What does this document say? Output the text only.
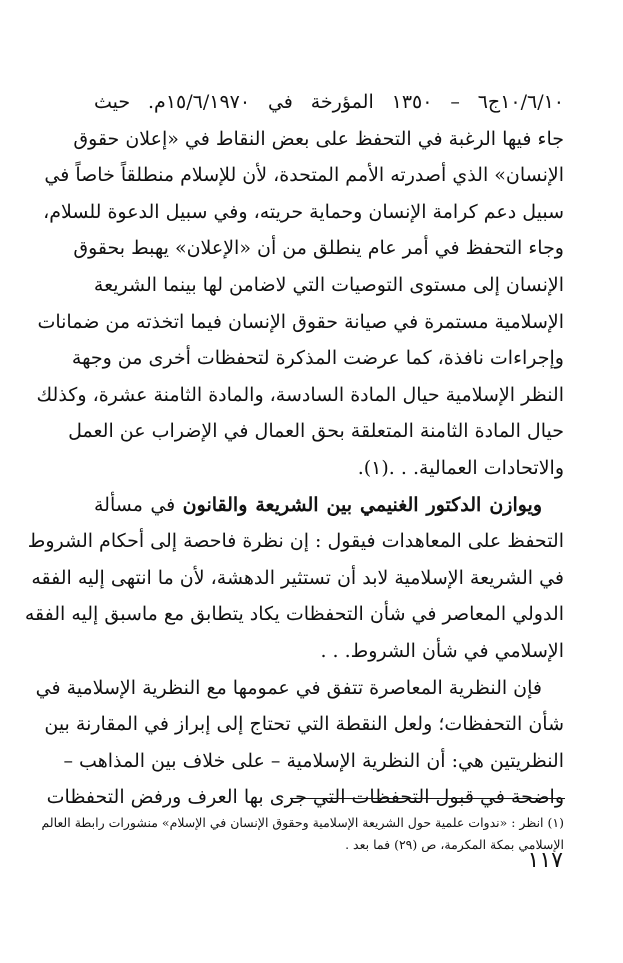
١٠/٦/١٠ج٦ – ١٣٥٠ المؤرخة في ١٥/٦/١٩٧٠م. حيث
جاء فيها الرغبة في التحفظ على بعض النقاط في «إعلان حقوق
الإنسان» الذي أصدرته الأمم المتحدة، لأن للإسلام منطلقاً خاصاً في
سبيل دعم كرامة الإنسان وحماية حريته، وفي سبيل الدعوة للسلام،
وجاء التحفظ في أمر عام ينطلق من أن «الإعلان» يهبط بحقوق
الإنسان إلى مستوى التوصيات التي لاضامن لها بينما الشريعة
الإسلامية مستمرة في صيانة حقوق الإنسان فيما اتخذته من ضمانات
وإجراءات نافذة، كما عرضت المذكرة لتحفظات أخرى من وجهة
النظر الإسلامية حيال المادة السادسة، والمادة الثامنة عشرة، وكذلك
حيال المادة الثامنة المتعلقة بحق العمال في الإضراب عن العمل
والاتحادات العمالية. . .(١).
ويوازن الدكتور الغنيمي بين الشريعة والقانون في مسألة
التحفظ على المعاهدات فيقول : إن نظرة فاحصة إلى أحكام الشروط
في الشريعة الإسلامية لابد أن تستثير الدهشة، لأن ما انتهى إليه الفقه
الدولي المعاصر في شأن التحفظات يكاد يتطابق مع ماسبق إليه الفقه
الإسلامي في شأن الشروط. . .
فإن النظرية المعاصرة تتفق في عمومها مع النظرية الإسلامية في
شأن التحفظات؛ ولعل النقطة التي تحتاج إلى إبراز في المقارنة بين
النظريتين هي: أن النظرية الإسلامية – على خلاف بين المذاهب –
واضحة في قبول التحفظات التي جرى بها العرف ورفض التحفظات
(١) انظر : «ندوات علمية حول الشريعة الإسلامية وحقوق الإنسان في الإسلام» منشورات رابطة العالم
الإسلامي بمكة المكرمة، ص (٢٩) فما بعد .
١١٧
